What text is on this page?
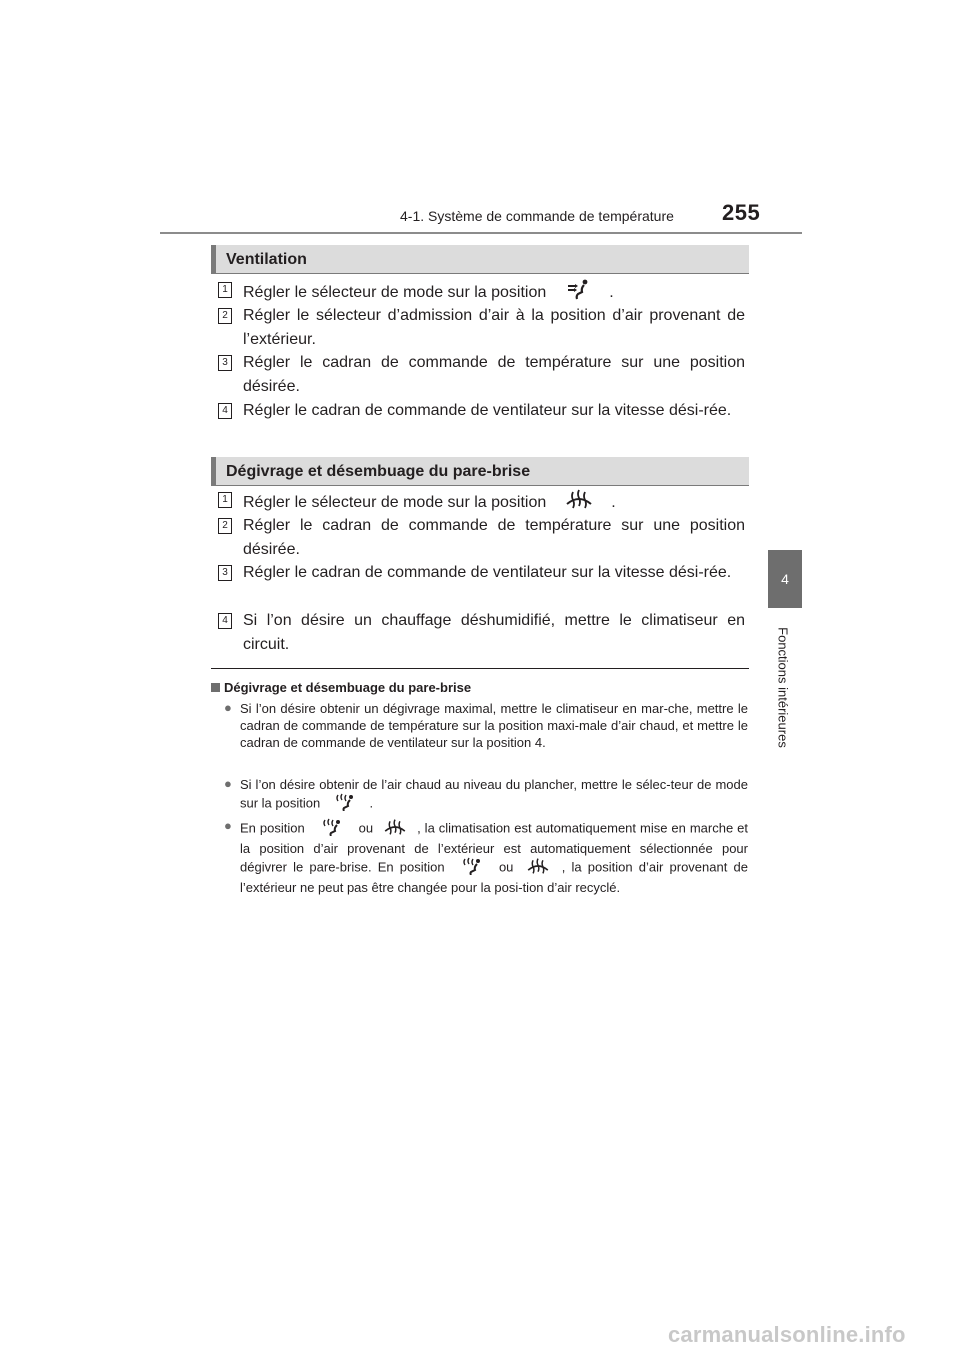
4-1. Système de commande de température 255
4
Fonctions intérieures
Ventilation
1 Régler le sélecteur de mode sur la position	.
2 Régler le sélecteur d’admission d’air à la position d’air provenant de l’extérieur.
3 Régler le cadran de commande de température sur une position désirée.
4 Régler le cadran de commande de ventilateur sur la vitesse dési-rée.
Dégivrage et désembuage du pare-brise
1 Régler le sélecteur de mode sur la position	.
2 Régler le cadran de commande de température sur une position désirée.
3 Régler le cadran de commande de ventilateur sur la vitesse dési-rée.
4 Si l’on désire un chauffage déshumidifié, mettre le climatiseur en circuit.
Dégivrage et désembuage du pare-brise
● Si l’on désire obtenir un dégivrage maximal, mettre le climatiseur en mar-che, mettre le cadran de commande de température sur la position maxi-male d’air chaud, et mettre le cadran de commande de ventilateur sur la position 4.
● Si l’on désire obtenir de l’air chaud au niveau du plancher, mettre le sélec-teur de mode sur la position	.
● En position	ou	, la climatisation est automatiquement mise en marche et la position d’air provenant de l’extérieur est automatiquement sélectionnée pour dégivrer le pare-brise. En position	ou	, la position d’air provenant de l’extérieur ne peut pas être changée pour la posi-tion d’air recyclé.
carmanualsonline.info
